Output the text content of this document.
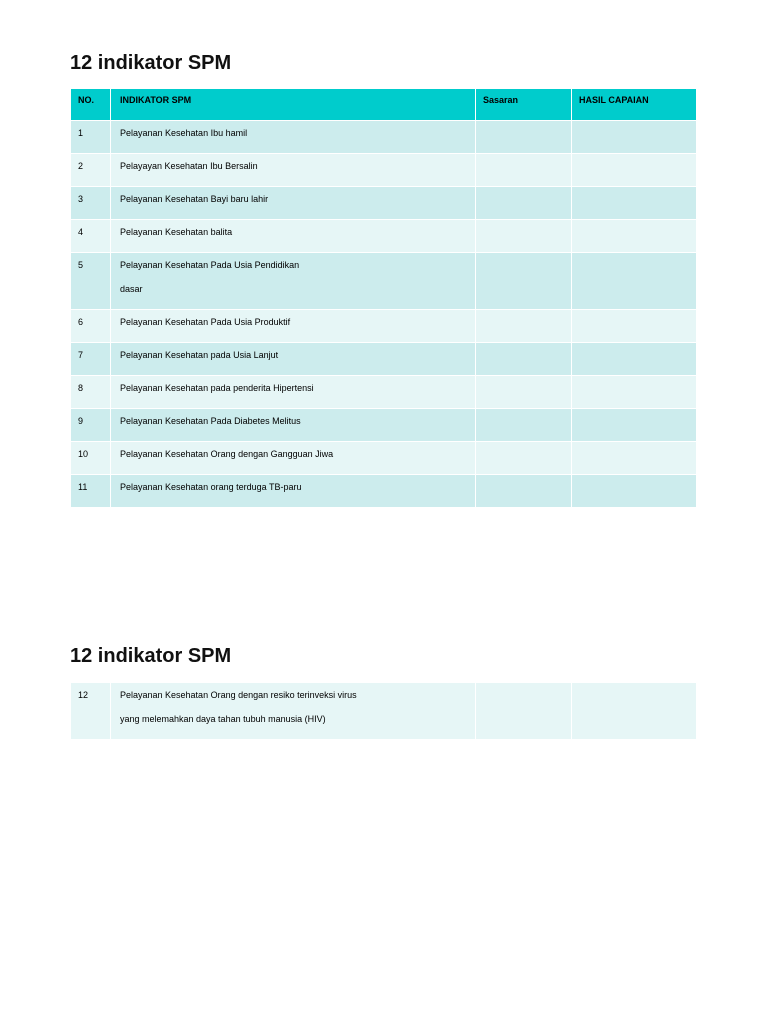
12 indikator SPM
NO.	INDIKATOR SPM	Sasaran	HASIL CAPAIAN
1	Pelayanan Kesehatan Ibu hamil		

2	Pelayayan Kesehatan Ibu Bersalin		

3	Pelayanan Kesehatan Bayi baru lahir		

4	Pelayanan Kesehatan balita		

5	Pelayanan Kesehatan Pada Usia Pendidikan
dasar		

6	Pelayanan Kesehatan Pada Usia Produktif		

7	Pelayanan Kesehatan pada Usia Lanjut		

8	Pelayanan Kesehatan pada penderita Hipertensi		

9	Pelayanan Kesehatan Pada Diabetes Melitus		

10	Pelayanan Kesehatan Orang dengan Gangguan Jiwa		

11	Pelayanan Kesehatan orang terduga TB-paru		

12 indikator SPM
12	Pelayanan Kesehatan Orang dengan resiko terinveksi virus
yang melemahkan daya tahan tubuh manusia (HIV)
